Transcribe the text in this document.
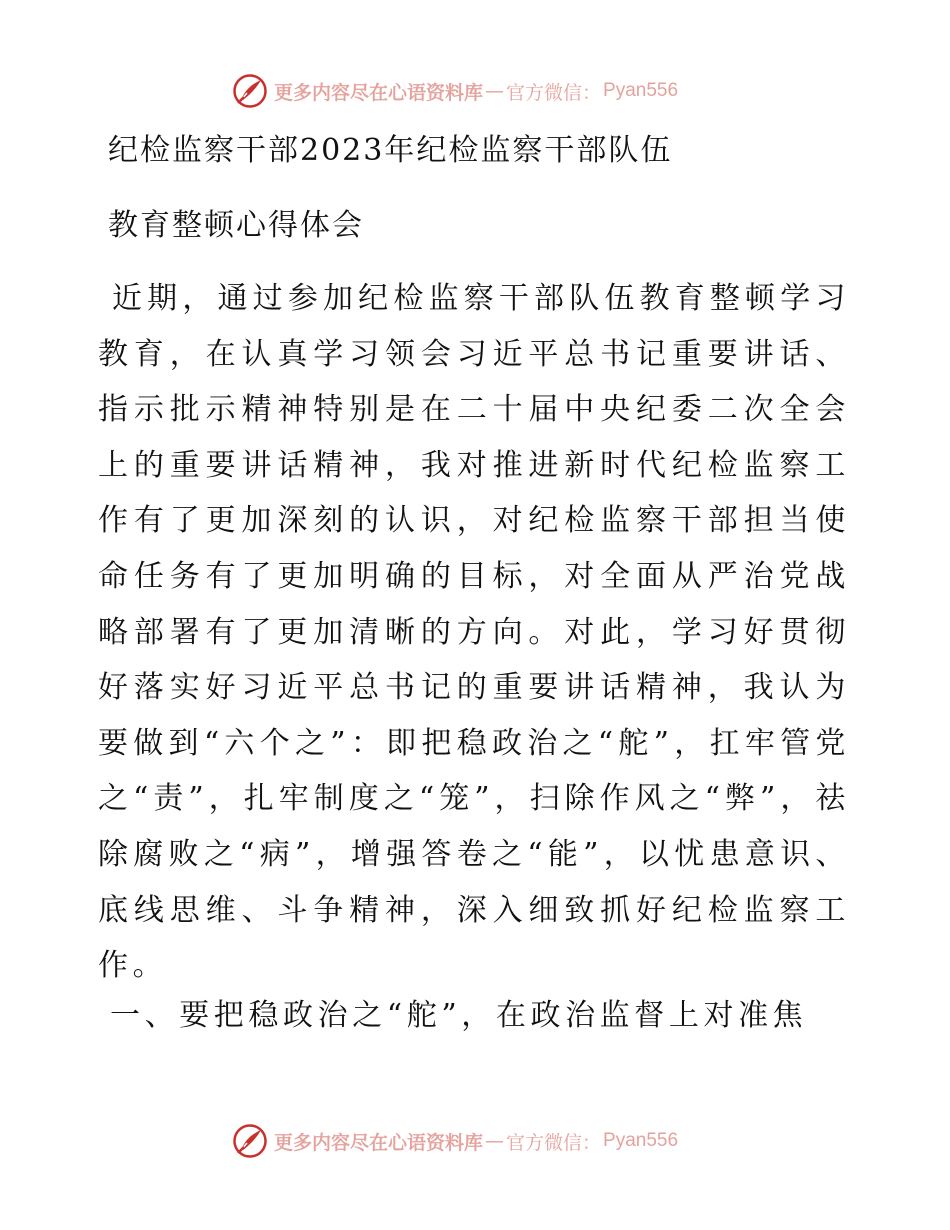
更多内容尽在心语资料库 — 官方微信： Pyan556
纪检监察干部2023年纪检监察干部队伍
教育整顿心得体会

近期，通过参加纪检监察干部队伍教育整顿学习教育，在认真学习领会习近平总书记重要讲话、指示批示精神特别是在二十届中央纪委二次全会上的重要讲话精神，我对推进新时代纪检监察工作有了更加深刻的认识，对纪检监察干部担当使命任务有了更加明确的目标，对全面从严治党战略部署有了更加清晰的方向。对此，学习好贯彻好落实好习近平总书记的重要讲话精神，我认为要做到“六个之”：即把稳政治之“舵”，扛牢管党之“责”，扎牢制度之“笼”，扫除作风之“弊”，祛除腐败之“病”，增强答卷之“能”，以忧患意识、底线思维、斗争精神，深入细致抓好纪检监察工作。

一、要把稳政治之“舵”，在政治监督上对准焦
更多内容尽在心语资料库 — 官方微信： Pyan556
